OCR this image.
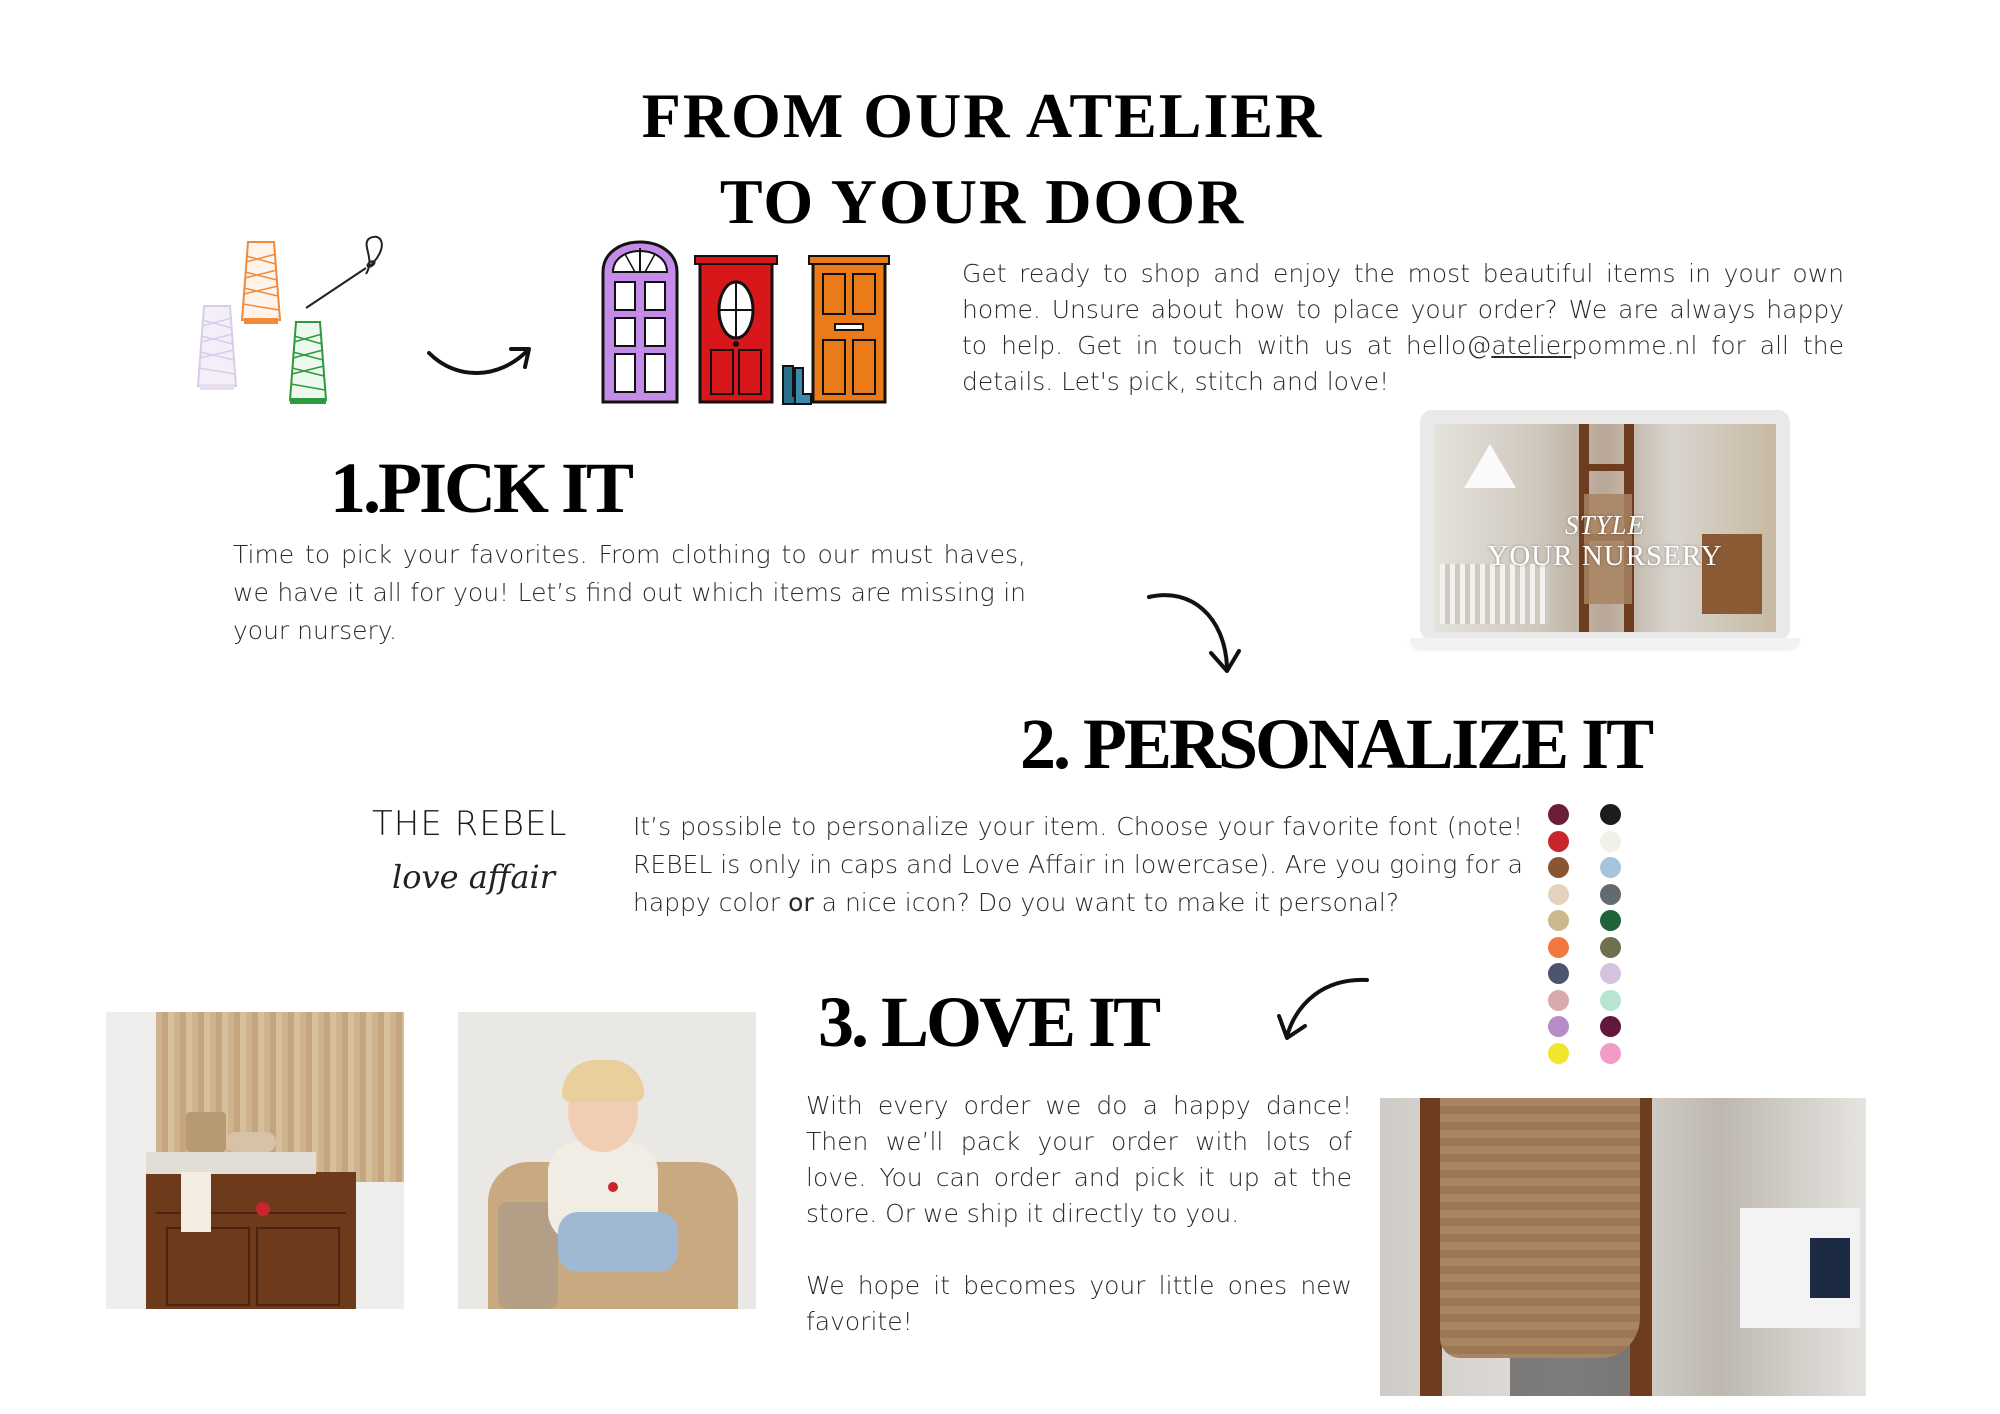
FROM OUR ATELIER
TO YOUR DOOR
Get ready to shop and enjoy the most beautiful items in your own home. Unsure about how to place your order? We are always happy to help. Get in touch with us at hello@atelierpomme.nl for all the details. Let's pick, stitch and love!
1.PICK IT
Time to pick your favorites. From clothing to our must haves, we have it all for you! Let’s find out which items are missing in your nursery.
STYLE
YOUR NURSERY
2. PERSONALIZE IT
THE REBEL
love affair
It’s possible to personalize your item. Choose your favorite font (note! REBEL is only in caps and Love Affair in lowercase). Are you going for a happy color or a nice icon? Do you want to make it personal?
3. LOVE IT
With every order we do a happy dance! Then we’ll pack your order with lots of love. You can order and pick it up at the store. Or we ship it directly to you.
We hope it becomes your little ones new favorite!
